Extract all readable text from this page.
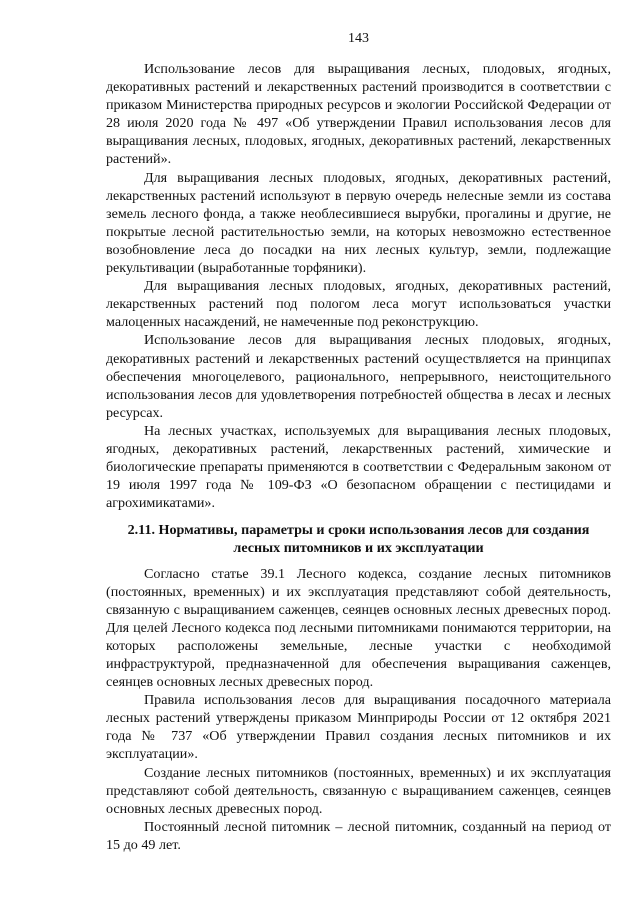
143

Использование лесов для выращивания лесных, плодовых, ягодных, декоративных растений и лекарственных растений производится в соответствии с приказом Министерства природных ресурсов и экологии Российской Федерации от 28 июля 2020 года № 497 «Об утверждении Правил использования лесов для выращивания лесных, плодовых, ягодных, декоративных растений, лекарственных растений».

Для выращивания лесных плодовых, ягодных, декоративных растений, лекарственных растений используют в первую очередь нелесные земли из состава земель лесного фонда, а также необлесившиеся вырубки, прогалины и другие, не покрытые лесной растительностью земли, на которых невозможно естественное возобновление леса до посадки на них лесных культур, земли, подлежащие рекультивации (выработанные торфяники).

Для выращивания лесных плодовых, ягодных, декоративных растений, лекарственных растений под пологом леса могут использоваться участки малоценных насаждений, не намеченные под реконструкцию.

Использование лесов для выращивания лесных плодовых, ягодных, декоративных растений и лекарственных растений осуществляется на принципах обеспечения многоцелевого, рационального, непрерывного, неистощительного использования лесов для удовлетворения потребностей общества в лесах и лесных ресурсах.

На лесных участках, используемых для выращивания лесных плодовых, ягодных, декоративных растений, лекарственных растений, химические и биологические препараты применяются в соответствии с Федеральным законом от 19 июля 1997 года № 109-ФЗ «О безопасном обращении с пестицидами и агрохимикатами».

2.11. Нормативы, параметры и сроки использования лесов для создания лесных питомников и их эксплуатации

Согласно статье 39.1 Лесного кодекса, создание лесных питомников (постоянных, временных) и их эксплуатация представляют собой деятельность, связанную с выращиванием саженцев, сеянцев основных лесных древесных пород. Для целей Лесного кодекса под лесными питомниками понимаются территории, на которых расположены земельные, лесные участки с необходимой инфраструктурой, предназначенной для обеспечения выращивания саженцев, сеянцев основных лесных древесных пород.

Правила использования лесов для выращивания посадочного материала лесных растений утверждены приказом Минприроды России от 12 октября 2021 года № 737 «Об утверждении Правил создания лесных питомников и их эксплуатации».

Создание лесных питомников (постоянных, временных) и их эксплуатация представляют собой деятельность, связанную с выращиванием саженцев, сеянцев основных лесных древесных пород.

Постоянный лесной питомник – лесной питомник, созданный на период от 15 до 49 лет.
